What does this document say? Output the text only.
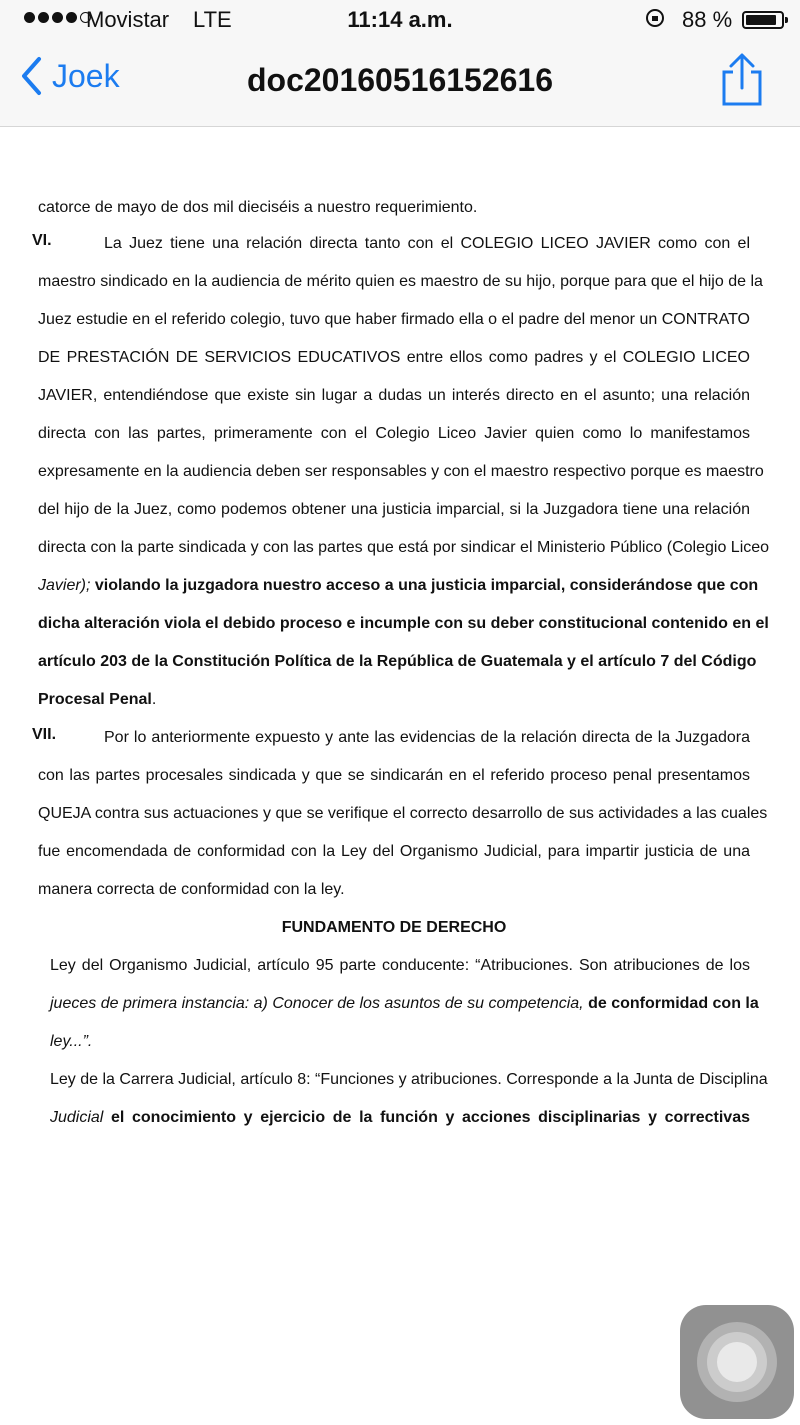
Movistar LTE	11:14 a.m.	88 %
Joek	doc20160516152616
catorce de mayo de dos mil dieciséis a nuestro requerimiento.
VI.	La Juez tiene una relación directa tanto con el COLEGIO LICEO JAVIER como con el
maestro sindicado en la audiencia de mérito quien es maestro de su hijo, porque para que el hijo de la
Juez estudie en el referido colegio, tuvo que haber firmado ella o el padre del menor un CONTRATO
DE PRESTACIÓN DE SERVICIOS EDUCATIVOS entre ellos como padres y el COLEGIO LICEO
JAVIER, entendiéndose que existe sin lugar a dudas un interés directo en el asunto; una relación
directa con las partes, primeramente con el Colegio Liceo Javier quien como lo manifestamos
expresamente en la audiencia deben ser responsables y con el maestro respectivo porque es maestro
del hijo de la Juez, como podemos obtener una justicia imparcial, si la Juzgadora tiene una relación
directa con la parte sindicada y con las partes que está por sindicar el Ministerio Público (Colegio Liceo
Javier); violando la juzgadora nuestro acceso a una justicia imparcial, considerándose que con
dicha alteración viola el debido proceso e incumple con su deber constitucional contenido en el
artículo 203 de la Constitución Política de la República de Guatemala y el artículo 7 del Código
Procesal Penal.
VII.	Por lo anteriormente expuesto y ante las evidencias de la relación directa de la Juzgadora
con las partes procesales sindicada y que se sindicarán en el referido proceso penal presentamos
QUEJA contra sus actuaciones y que se verifique el correcto desarrollo de sus actividades a las cuales
fue encomendada de conformidad con la Ley del Organismo Judicial, para impartir justicia de una
manera correcta de conformidad con la ley.
FUNDAMENTO DE DERECHO
Ley del Organismo Judicial, artículo 95 parte conducente: “Atribuciones. Son atribuciones de los
jueces de primera instancia: a) Conocer de los asuntos de su competencia, de conformidad con la
ley...”.
Ley de la Carrera Judicial, artículo 8: “Funciones y atribuciones. Corresponde a la Junta de Disciplina
Judicial el conocimiento y ejercicio de la función y acciones disciplinarias y correctivas
